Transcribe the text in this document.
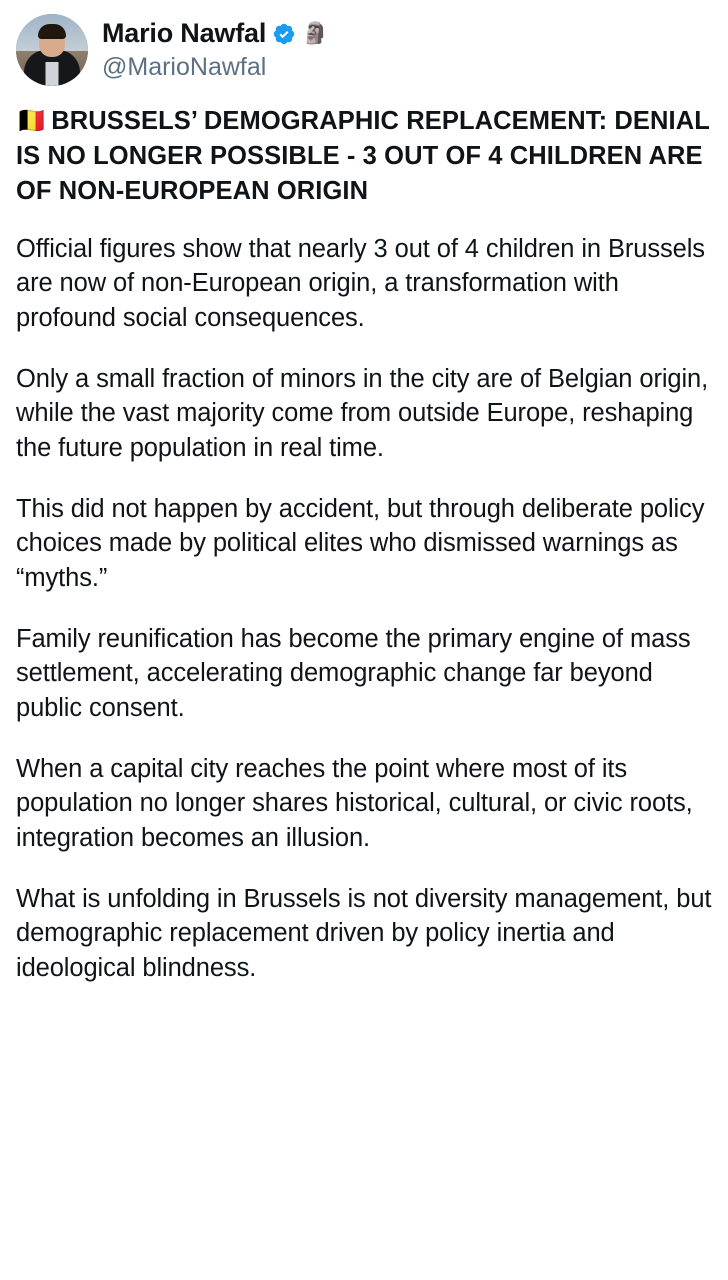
Mario Nawfal 🗿
@MarioNawfal

🇧🇪 BRUSSELS’ DEMOGRAPHIC REPLACEMENT: DENIAL IS NO LONGER POSSIBLE - 3 OUT OF 4 CHILDREN ARE OF NON-EUROPEAN ORIGIN

Official figures show that nearly 3 out of 4 children in Brussels are now of non-European origin, a transformation with profound social consequences.

Only a small fraction of minors in the city are of Belgian origin, while the vast majority come from outside Europe, reshaping the future population in real time.

This did not happen by accident, but through deliberate policy choices made by political elites who dismissed warnings as “myths.”

Family reunification has become the primary engine of mass settlement, accelerating demographic change far beyond public consent.

When a capital city reaches the point where most of its population no longer shares historical, cultural, or civic roots, integration becomes an illusion.

What is unfolding in Brussels is not diversity management, but demographic replacement driven by policy inertia and ideological blindness.
